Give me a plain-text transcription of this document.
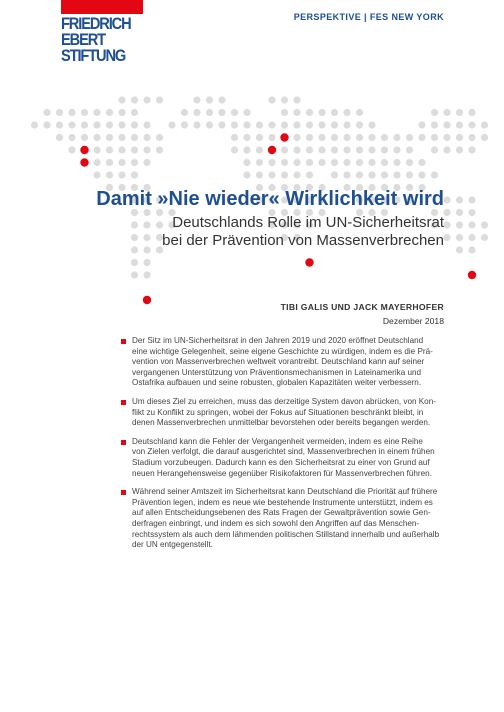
FRIEDRICH
EBERT
STIFTUNG
PERSPEKTIVE | FES NEW YORK
Damit »Nie wieder« Wirklichkeit wird
Deutschlands Rolle im UN-Sicherheitsrat
bei der Prävention von Massenverbrechen
TIBI GALIS UND JACK MAYERHOFER
Dezember 2018
Der Sitz im UN-Sicherheitsrat in den Jahren 2019 und 2020 eröffnet Deutschland
eine wichtige Gelegenheit, seine eigene Geschichte zu würdigen, indem es die Prä-
vention von Massenverbrechen weltweit vorantreibt. Deutschland kann auf seiner
vergangenen Unterstützung von Präventionsmechanismen in Lateinamerika und
Ostafrika aufbauen und seine robusten, globalen Kapazitäten weiter verbessern.
Um dieses Ziel zu erreichen, muss das derzeitige System davon abrücken, von Kon-
flikt zu Konflikt zu springen, wobei der Fokus auf Situationen beschränkt bleibt, in
denen Massenverbrechen unmittelbar bevorstehen oder bereits begangen werden.
Deutschland kann die Fehler der Vergangenheit vermeiden, indem es eine Reihe
von Zielen verfolgt, die darauf ausgerichtet sind, Massenverbrechen in einem frühen
Stadium vorzubeugen. Dadurch kann es den Sicherheitsrat zu einer von Grund auf
neuen Herangehensweise gegenüber Risikofaktoren für Massenverbrechen führen.
Während seiner Amtszeit im Sicherheitsrat kann Deutschland die Priorität auf frühere
Prävention legen, indem es neue wie bestehende Instrumente unterstützt, indem es
auf allen Entscheidungsebenen des Rats Fragen der Gewaltprävention sowie Gen-
derfragen einbringt, und indem es sich sowohl den Angriffen auf das Menschen-
rechtssystem als auch dem lähmenden politischen Stillstand innerhalb und außerhalb
der UN entgegenstellt.
